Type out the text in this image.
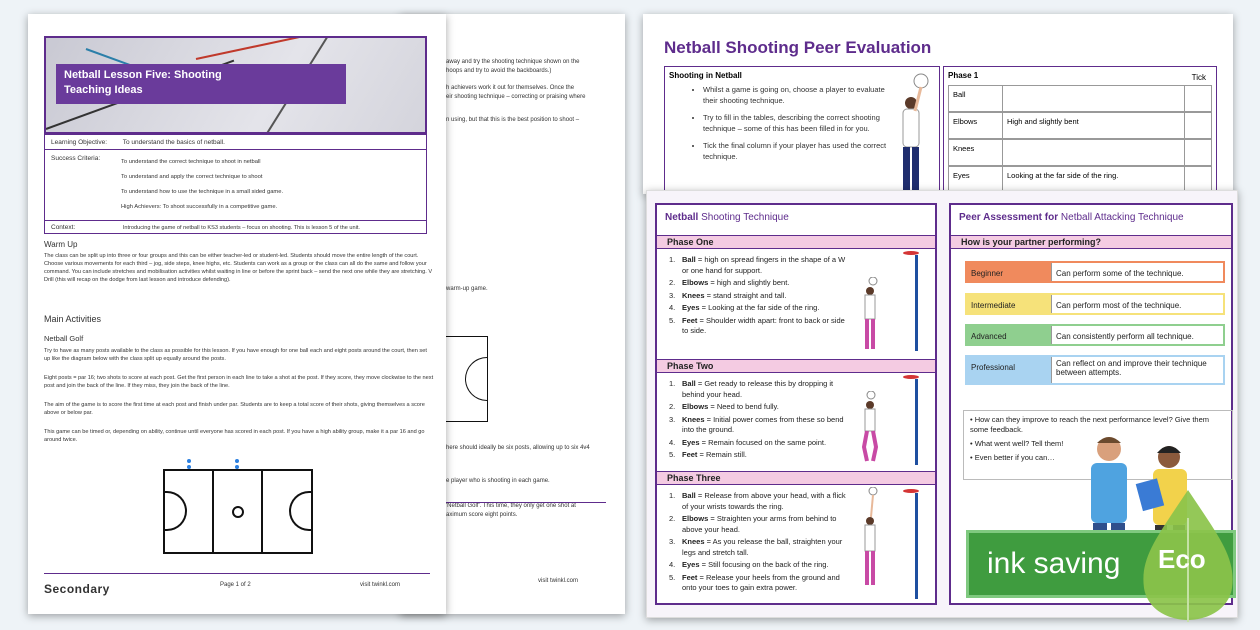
away and try the shooting technique shown on the
hoops and try to avoid the backboards.)
h achievers work it out for themselves. Once the
eir shooting technique – correcting or praising where
n using, but that this is the best position to shoot –
warm-up game.
here should ideally be six posts, allowing up to six 4v4
e player who is shooting in each game.
'Netball Golf'. This time, they only get one shot at
aximum score eight points.
visit twinkl.com
Netball Lesson Five: Shooting
Teaching Ideas
Learning Objective: To understand the basics of netball.
Success Criteria:	To understand the correct technique to shoot in netball
To understand and apply the correct technique to shoot
To understand how to use the technique in a small sided game.
High Achievers: To shoot successfully in a competitive game.
Context:	Introducing the game of netball to KS3 students – focus on shooting. This is lesson 5 of the unit.
Warm Up
The class can be split up into three or four groups and this can be either teacher-led or student-led. Students should move the entire length of the court. Choose various movements for each third – jog, side steps, knee highs, etc. Students can work as a group or the class can all do the same and follow your command. You can include stretches and mobilisation activities whilst waiting in line or before the sprint back – send the next one while they are stretching. V Drill (this will recap on the dodge from last lesson and introduce defending).
Main Activities
Netball Golf
Try to have as many posts available to the class as possible for this lesson. If you have enough for one ball each and eight posts around the court, then set up like the diagram below with the class split up equally around the posts.
Eight posts = par 16; two shots to score at each post. Get the first person in each line to take a shot at the post. If they score, they move clockwise to the next post and join the back of the line. If they miss, they join the back of the line.
The aim of the game is to score the first time at each post and finish under par. Students are to keep a total score of their shots, giving themselves a score above or below par.
This game can be timed or, depending on ability, continue until everyone has scored in each post. If you have a high ability group, make it a par 16 and go around twice.
Secondary	Page 1 of 2	visit twinkl.com
Netball Shooting Peer Evaluation
Shooting in Netball
• Whilst a game is going on, choose a player to evaluate their shooting technique.
• Try to fill in the tables, describing the correct shooting technique – some of this has been filled in for you.
• Tick the final column if your player has used the correct technique.
Phase 1	Tick
Ball
Elbows	High and slightly bent
Knees
Eyes	Looking at the far side of the ring.
Netball Shooting Technique
Phase One
1. Ball = high on spread fingers in the shape of a W or one hand for support.
2. Elbows = high and slightly bent.
3. Knees = stand straight and tall.
4. Eyes = Looking at the far side of the ring.
5. Feet = Shoulder width apart: front to back or side to side.
Phase Two
1. Ball = Get ready to release this by dropping it behind your head.
2. Elbows = Need to bend fully.
3. Knees = Initial power comes from these so bend into the ground.
4. Eyes = Remain focused on the same point.
5. Feet = Remain still.
Phase Three
1. Ball = Release from above your head, with a flick of your wrists towards the ring.
2. Elbows = Straighten your arms from behind to above your head.
3. Knees = As you release the ball, straighten your legs and stretch tall.
4. Eyes = Still focusing on the back of the ring.
5. Feet = Release your heels from the ground and onto your toes to gain extra power.
Peer Assessment for Netball Attacking Technique
How is your partner performing?
Beginner	Can perform some of the technique.
Intermediate	Can perform most of the technique.
Advanced	Can consistently perform all technique.
Professional	Can reflect on and improve their technique between attempts.
• How can they improve to reach the next performance level? Give them some feedback.
• What went well? Tell them!
• Even better if you can…
ink saving	Eco
